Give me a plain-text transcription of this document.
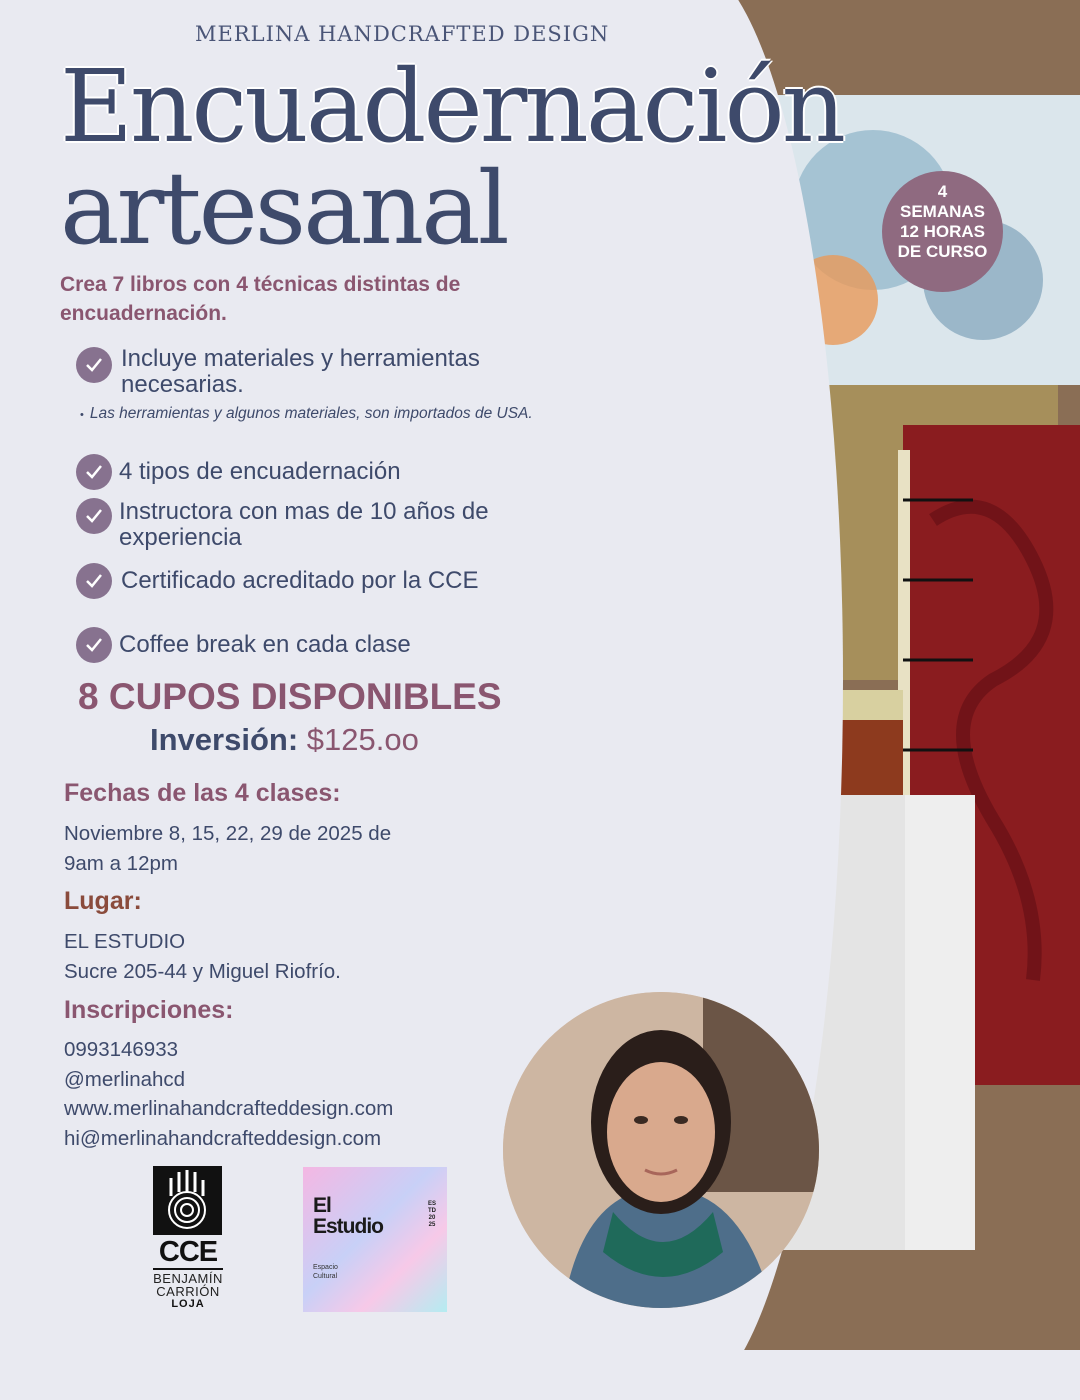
MERLINA HANDCRAFTED DESIGN
Encuadernación
artesanal
Crea 7 libros con 4 técnicas distintas de encuadernación.
4
SEMANAS
12 HORAS
DE CURSO
Incluye materiales y herramientas necesarias.
• Las herramientas y algunos materiales, son importados de USA.
4 tipos de encuadernación
Instructora con mas de 10 años de experiencia
Certificado acreditado por la CCE
Coffee break en cada clase
8 CUPOS DISPONIBLES
Inversión: $125.oo
Fechas de las 4 clases:
Noviembre 8, 15, 22, 29 de 2025 de
9am a 12pm
Lugar:
EL ESTUDIO
Sucre 205-44 y Miguel Riofrío.
Inscripciones:
0993146933
@merlinahcd
www.merlinahandcrafteddesign.com
hi@merlinahandcrafteddesign.com
CCE
BENJAMÍN
CARRIÓN
LOJA
El
Estudio
ES TD 20 25
Espacio
Cultural
